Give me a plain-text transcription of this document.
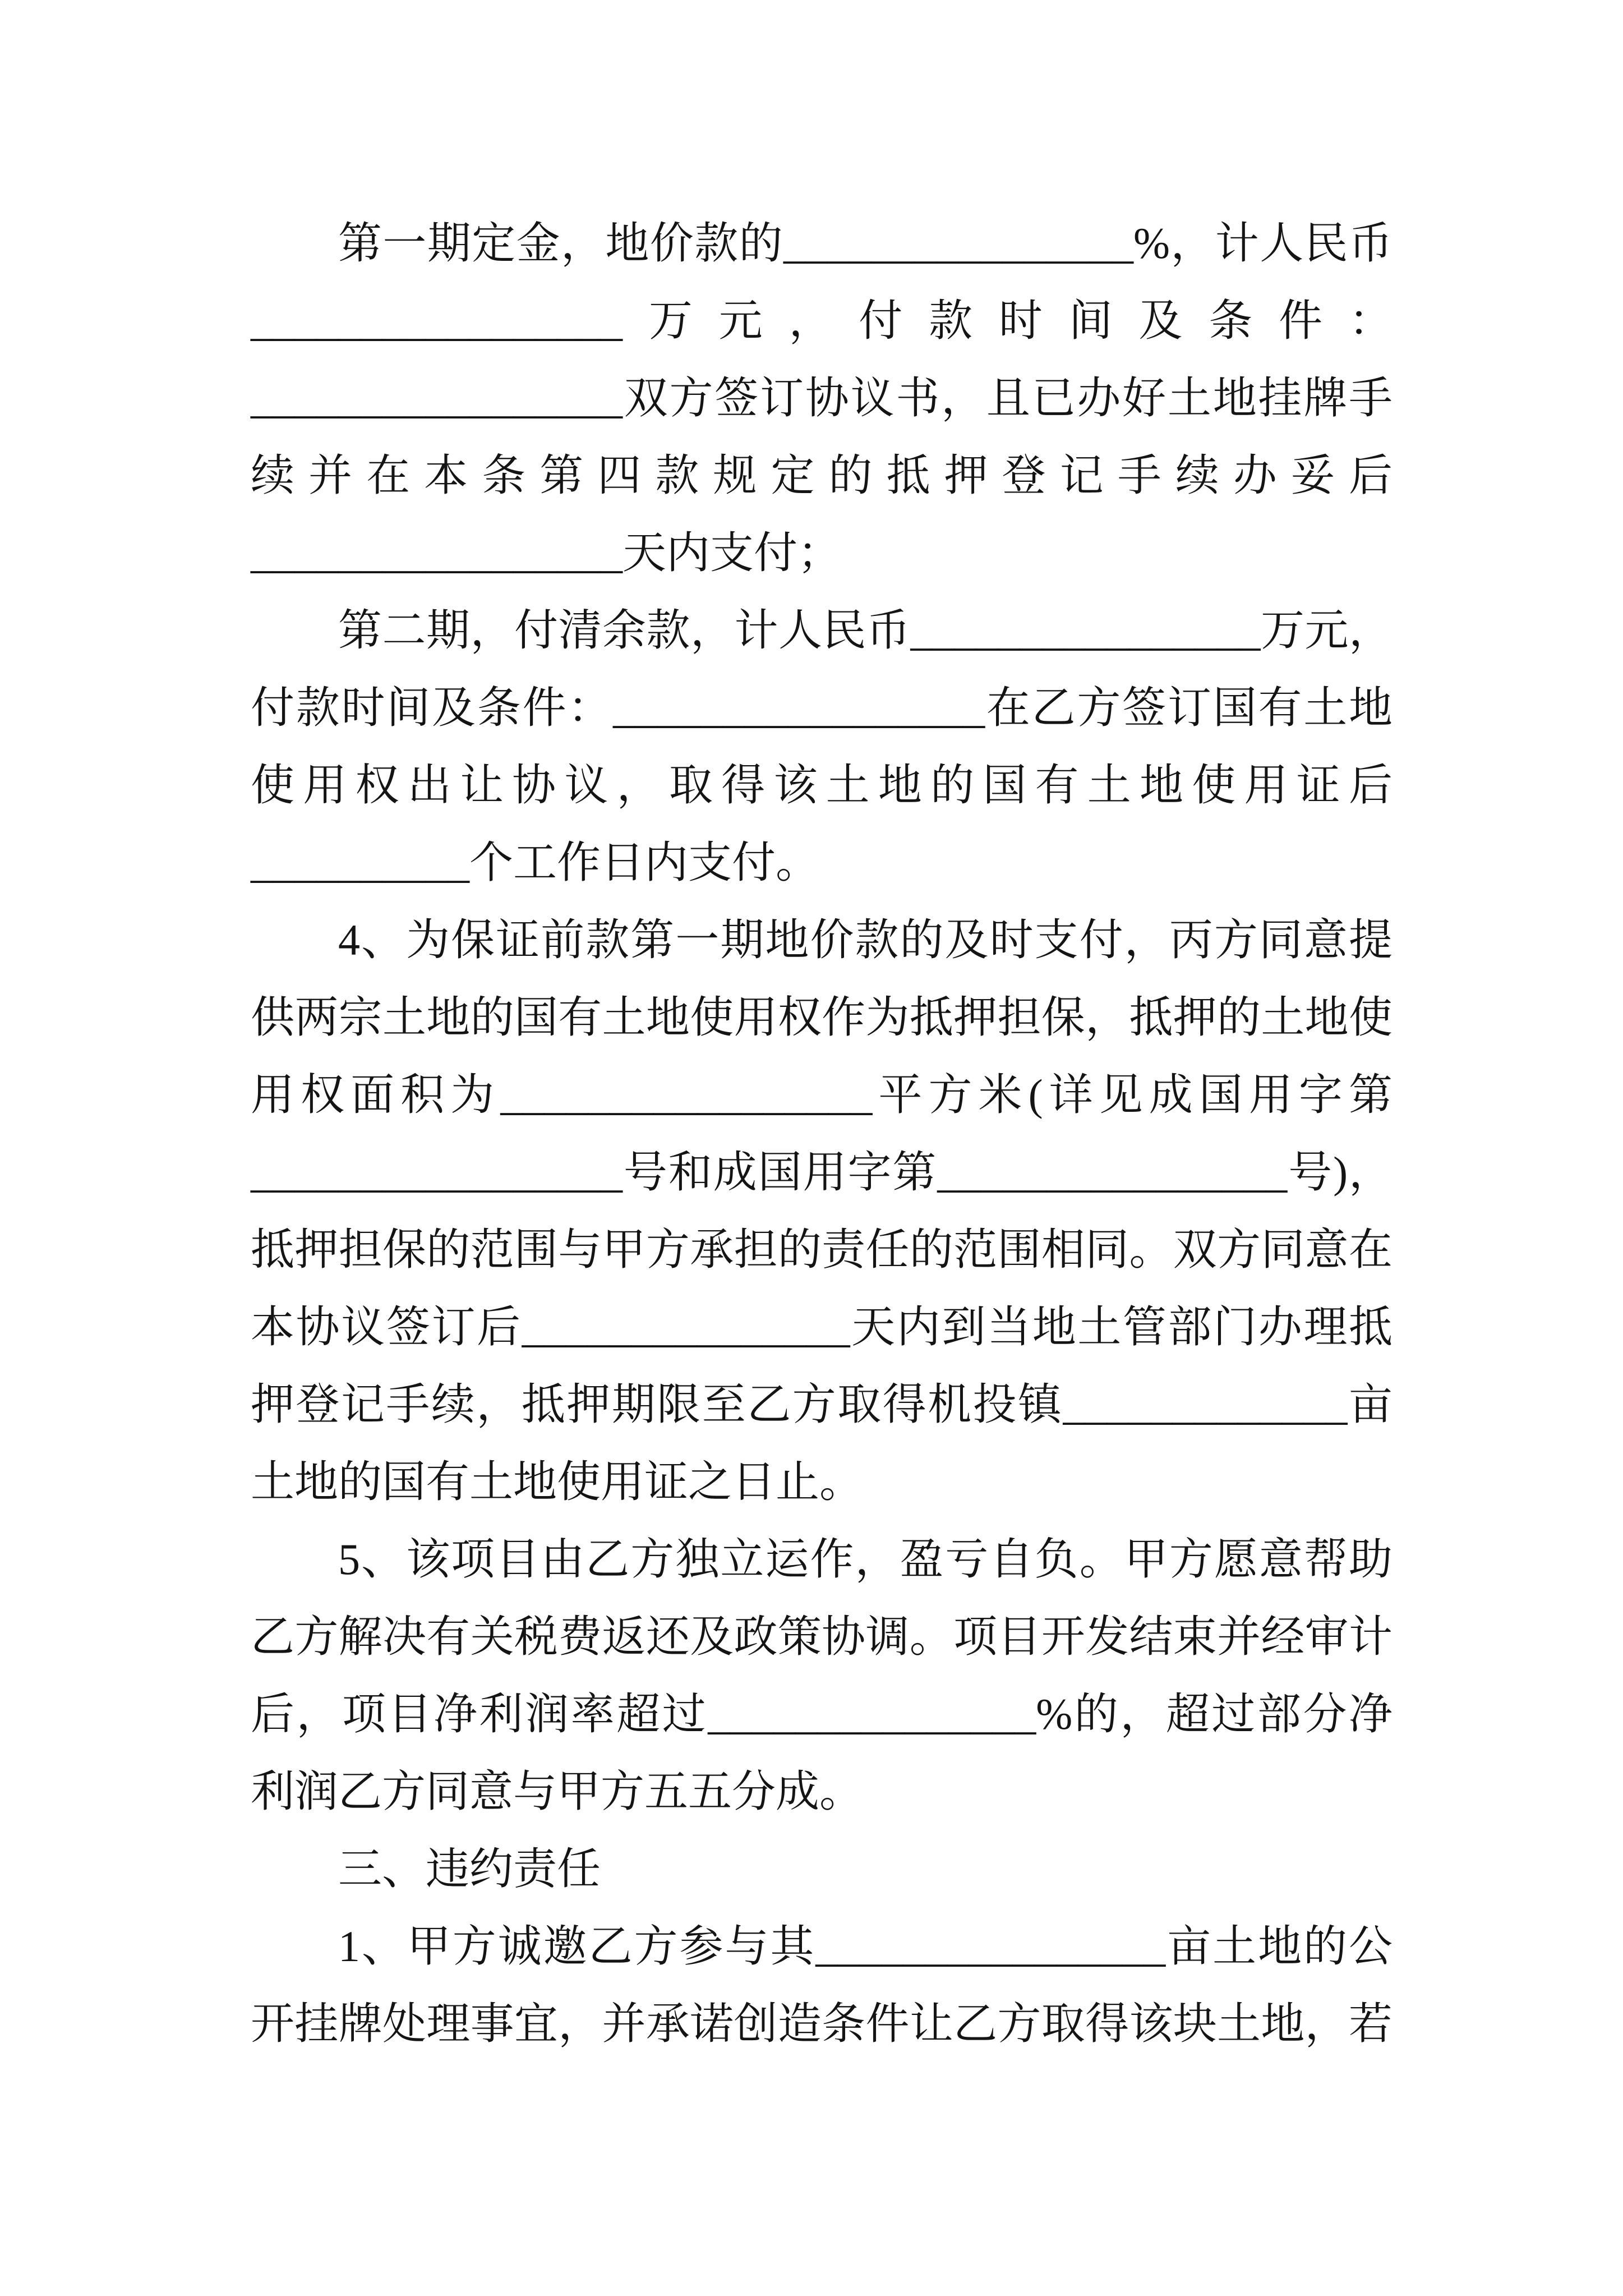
第一期定金，地价款的________________%，计人民币
_________________万元，付款时间及条件：
_________________双方签订协议书，且已办好土地挂牌手
续并在本条第四款规定的抵押登记手续办妥后
_________________天内支付；
第二期，付清余款，计人民币________________万元，
付款时间及条件：_________________在乙方签订国有土地
使用权出让协议，取得该土地的国有土地使用证后
__________个工作日内支付。
4、为保证前款第一期地价款的及时支付，丙方同意提
供两宗土地的国有土地使用权作为抵押担保，抵押的土地使
用权面积为_________________平方米(详见成国用字第
_________________号和成国用字第________________号)，
抵押担保的范围与甲方承担的责任的范围相同。双方同意在
本协议签订后_______________天内到当地土管部门办理抵
押登记手续，抵押期限至乙方取得机投镇_____________亩
土地的国有土地使用证之日止。
5、该项目由乙方独立运作，盈亏自负。甲方愿意帮助
乙方解决有关税费返还及政策协调。项目开发结束并经审计
后，项目净利润率超过_______________%的，超过部分净
利润乙方同意与甲方五五分成。
三、违约责任
1、甲方诚邀乙方参与其________________亩土地的公
开挂牌处理事宜，并承诺创造条件让乙方取得该块土地，若
